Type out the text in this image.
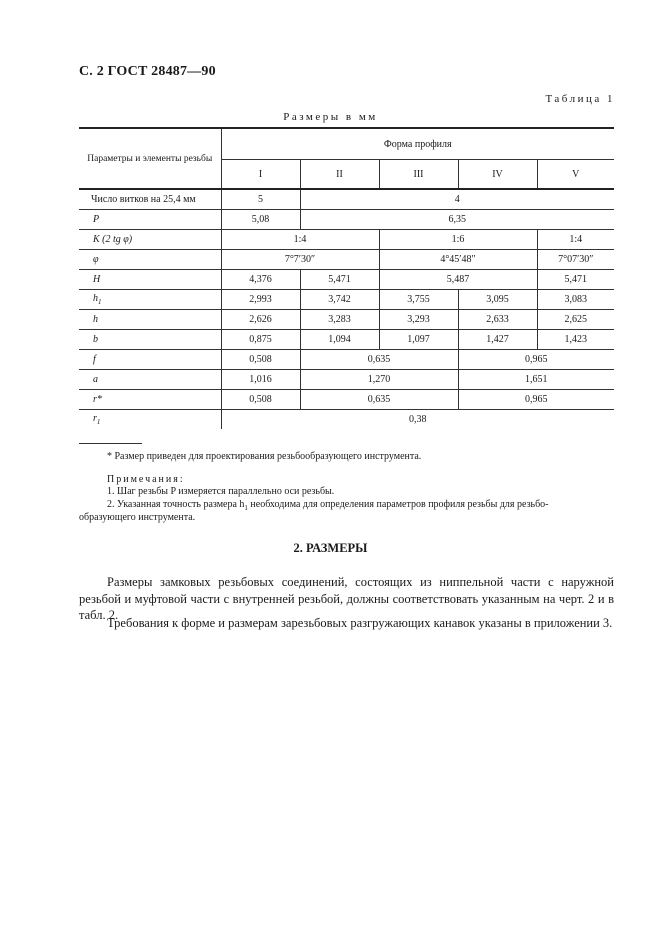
С. 2 ГОСТ 28487—90
Таблица 1
Размеры в мм
Параметры и элементы резьбы	Форма профиля				
	I	II	III	IV	V
Число витков на 25,4 мм	5	4			
P	5,08	6,35			
K (2 tg φ)	1:4		1:6		1:4
φ	7°7′30″		4°45′48″		7°07′30″
H	4,376	5,471	5,487		5,471
$h_1$	2,993	3,742	3,755	3,095	3,083
h	2,626	3,283	3,293	2,633	2,625
b	0,875	1,094	1,097	1,427	1,423
f	0,508	0,635		0,965	
a	1,016	1,270		1,651	
r*	0,508	0,635		0,965	
$r_1$	0,38				
* Размер приведен для проектирования резьбообразующего инструмента.
Примечания:
1. Шаг резьбы P измеряется параллельно оси резьбы.
2. Указанная точность размера $h_1$ необходима для определения параметров профиля резьбы для резьбо-
образующего инструмента.
2. РАЗМЕРЫ
Размеры замковых резьбовых соединений, состоящих из ниппельной части с наружной резьбой и муфтовой части с внутренней резьбой, должны соответствовать указанным на черт. 2 и в табл. 2.
Требования к форме и размерам зарезьбовых разгружающих канавок указаны в приложении 3.
